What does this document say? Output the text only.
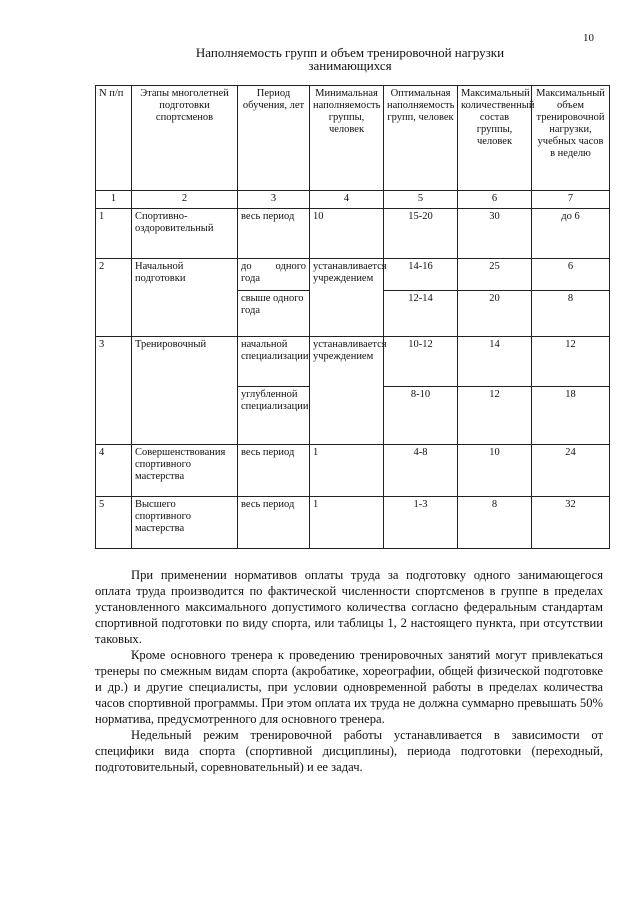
10
Наполняемость групп и объем тренировочной нагрузки
занимающихся
N п/п	Этапы многолетней подготовки спортсменов	Период обучения, лет	Минимальная наполняемость группы, человек	Оптимальная наполняемость групп, человек	Максимальный количественный состав группы, человек	Максимальный объем тренировочной нагрузки, учебных часов в неделю
1	2	3	4	5	6	7
1	Спортивно-оздоровительный	весь период	10	15-20	30	до 6
2	Начальной подготовки	до одного года	устанавливается учреждением	14-16	25	6
		свыше одного года		12-14	20	8
3	Тренировочный	начальной специализации	устанавливается учреждением	10-12	14	12
		углубленной специализации		8-10	12	18
4	Совершенствования спортивного мастерства	весь период	1	4-8	10	24
5	Высшего спортивного мастерства	весь период	1	1-3	8	32

При применении нормативов оплаты труда за подготовку одного занимающегося оплата труда производится по фактической численности спортсменов в группе в пределах установленного максимального допустимого количества согласно федеральным стандартам спортивной подготовки по виду спорта, или таблицы 1, 2 настоящего пункта, при отсутствии таковых.

Кроме основного тренера к проведению тренировочных занятий могут привлекаться тренеры по смежным видам спорта (акробатике, хореографии, общей физической подготовке и др.) и другие специалисты, при условии одновременной работы в пределах количества часов спортивной программы. При этом оплата их труда не должна суммарно превышать 50% норматива, предусмотренного для основного тренера.

Недельный режим тренировочной работы устанавливается в зависимости от специфики вида спорта (спортивной дисциплины), периода подготовки (переходный, подготовительный, соревновательный) и ее задач.
